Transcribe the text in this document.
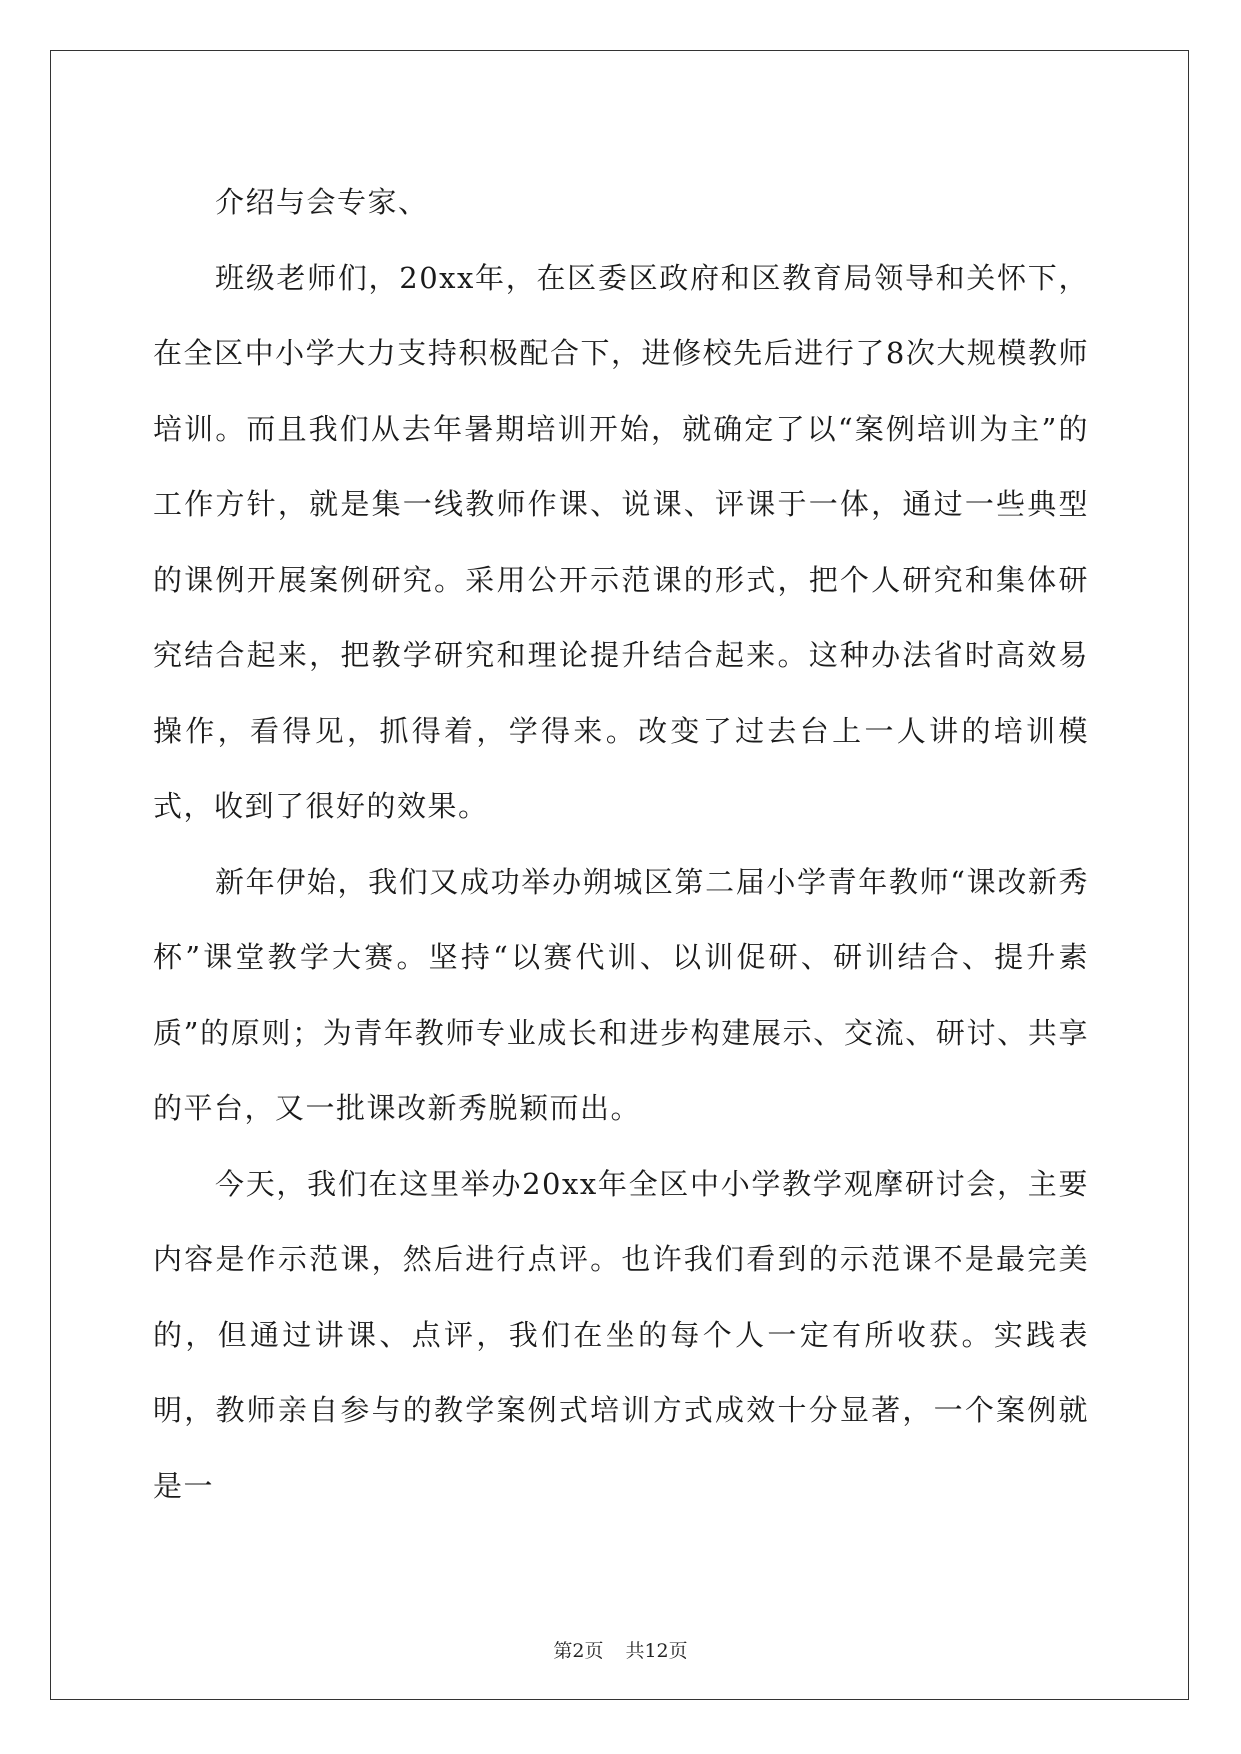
介绍与会专家、

班级老师们，20xx年，在区委区政府和区教育局领导和关怀下，在全区中小学大力支持积极配合下，进修校先后进行了8次大规模教师培训。而且我们从去年暑期培训开始，就确定了以“案例培训为主”的工作方针，就是集一线教师作课、说课、评课于一体，通过一些典型的课例开展案例研究。采用公开示范课的形式，把个人研究和集体研究结合起来，把教学研究和理论提升结合起来。这种办法省时高效易操作，看得见，抓得着，学得来。改变了过去台上一人讲的培训模式，收到了很好的效果。

新年伊始，我们又成功举办朔城区第二届小学青年教师“课改新秀杯”课堂教学大赛。坚持“以赛代训、以训促研、研训结合、提升素质”的原则；为青年教师专业成长和进步构建展示、交流、研讨、共享的平台，又一批课改新秀脱颖而出。

今天，我们在这里举办20xx年全区中小学教学观摩研讨会，主要内容是作示范课，然后进行点评。也许我们看到的示范课不是最完美的，但通过讲课、点评，我们在坐的每个人一定有所收获。实践表明，教师亲自参与的教学案例式培训方式成效十分显著，一个案例就是一

第2页 共12页
